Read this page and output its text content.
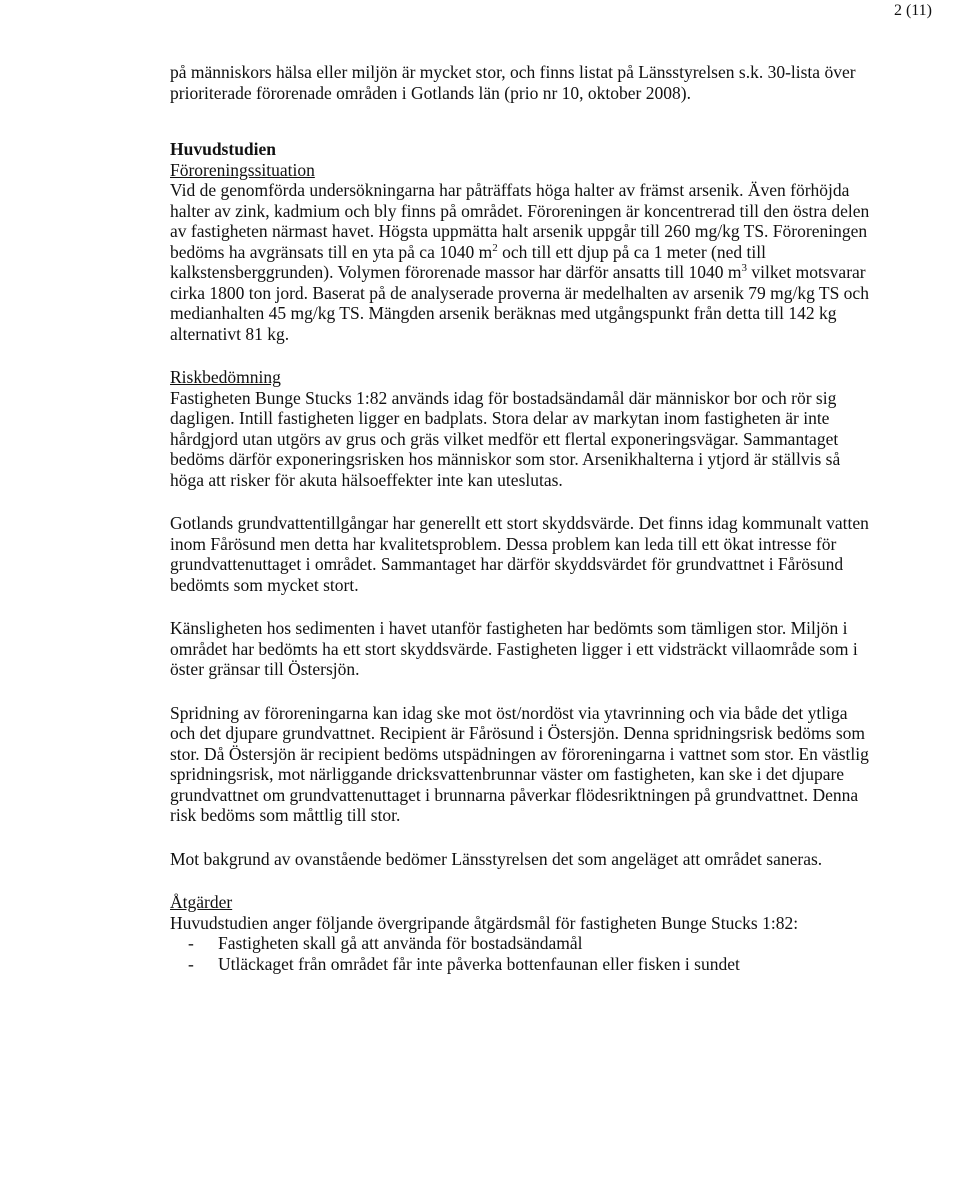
2 (11)

på människors hälsa eller miljön är mycket stor, och finns listat på Länsstyrelsen s.k. 30-lista över prioriterade förorenade områden i Gotlands län (prio nr 10, oktober 2008).

Huvudstudien

Föroreningssituation

Vid de genomförda undersökningarna har påträffats höga halter av främst arsenik. Även förhöjda halter av zink, kadmium och bly finns på området. Föroreningen är koncentrerad till den östra delen av fastigheten närmast havet. Högsta uppmätta halt arsenik uppgår till 260 mg/kg TS. Föroreningen bedöms ha avgränsats till en yta på ca 1040 $m^2$ och till ett djup på ca 1 meter (ned till kalkstensberggrunden). Volymen förorenade massor har därför ansatts till 1040 $m^3$ vilket motsvarar cirka 1800 ton jord. Baserat på de analyserade proverna är medelhalten av arsenik 79 mg/kg TS och medianhalten 45 mg/kg TS. Mängden arsenik beräknas med utgångspunkt från detta till 142 kg alternativt 81 kg.

Riskbedömning

Fastigheten Bunge Stucks 1:82 används idag för bostadsändamål där människor bor och rör sig dagligen. Intill fastigheten ligger en badplats. Stora delar av markytan inom fastigheten är inte hårdgjord utan utgörs av grus och gräs vilket medför ett flertal exponeringsvägar. Sammantaget bedöms därför exponeringsrisken hos människor som stor. Arsenikhalterna i ytjord är ställvis så höga att risker för akuta hälsoeffekter inte kan uteslutas.

Gotlands grundvattentillgångar har generellt ett stort skyddsvärde. Det finns idag kommunalt vatten inom Fårösund men detta har kvalitetsproblem. Dessa problem kan leda till ett ökat intresse för grundvattenuttaget i området. Sammantaget har därför skyddsvärdet för grundvattnet i Fårösund bedömts som mycket stort.

Känsligheten hos sedimenten i havet utanför fastigheten har bedömts som tämligen stor. Miljön i området har bedömts ha ett stort skyddsvärde. Fastigheten ligger i ett vidsträckt villaområde som i öster gränsar till Östersjön.

Spridning av föroreningarna kan idag ske mot öst/nordöst via ytavrinning och via både det ytliga och det djupare grundvattnet. Recipient är Fårösund i Östersjön. Denna spridningsrisk bedöms som stor. Då Östersjön är recipient bedöms utspädningen av föroreningarna i vattnet som stor. En västlig spridningsrisk, mot närliggande dricksvattenbrunnar väster om fastigheten, kan ske i det djupare grundvattnet om grundvattenuttaget i brunnarna påverkar flödesriktningen på grundvattnet. Denna risk bedöms som måttlig till stor.

Mot bakgrund av ovanstående bedömer Länsstyrelsen det som angeläget att området saneras.

Åtgärder

Huvudstudien anger följande övergripande åtgärdsmål för fastigheten Bunge Stucks 1:82:

- Fastigheten skall gå att använda för bostadsändamål
- Utläckaget från området får inte påverka bottenfaunan eller fisken i sundet
